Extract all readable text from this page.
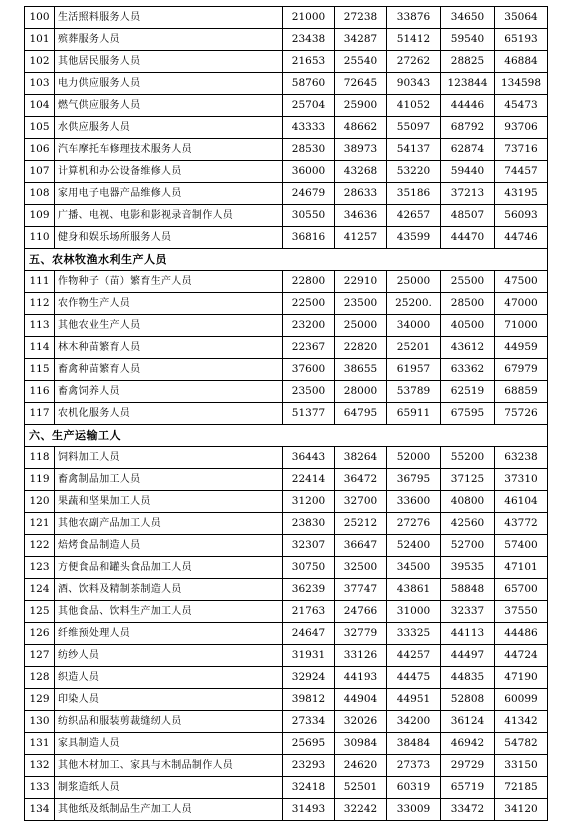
100	生活照料服务人员	21000	27238	33876	34650	35064
101	殡葬服务人员	23438	34287	51412	59540	65193
102	其他居民服务人员	21653	25540	27262	28825	46884
103	电力供应服务人员	58760	72645	90343	123844	134598
104	燃气供应服务人员	25704	25900	41052	44446	45473
105	水供应服务人员	43333	48662	55097	68792	93706
106	汽车摩托车修理技术服务人员	28530	38973	54137	62874	73716
107	计算机和办公设备维修人员	36000	43268	53220	59440	74457
108	家用电子电器产品维修人员	24679	28633	35186	37213	43195
109	广播、电视、电影和影视录音制作人员	30550	34636	42657	48507	56093
110	健身和娱乐场所服务人员	36816	41257	43599	44470	44746
五、农林牧渔水利生产人员						
111	作物种子（苗）繁育生产人员	22800	22910	25000	25500	47500
112	农作物生产人员	22500	23500	25200.	28500	47000
113	其他农业生产人员	23200	25000	34000	40500	71000
114	林木种苗繁育人员	22367	22820	25201	43612	44959
115	畜禽种苗繁育人员	37600	38655	61957	63362	67979
116	畜禽饲养人员	23500	28000	53789	62519	68859
117	农机化服务人员	51377	64795	65911	67595	75726
六、生产运输工人						
118	饲料加工人员	36443	38264	52000	55200	63238
119	畜禽制品加工人员	22414	36472	36795	37125	37310
120	果蔬和坚果加工人员	31200	32700	33600	40800	46104
121	其他农副产品加工人员	23830	25212	27276	42560	43772
122	焙烤食品制造人员	32307	36647	52400	52700	57400
123	方便食品和罐头食品加工人员	30750	32500	34500	39535	47101
124	酒、饮料及精制茶制造人员	36239	37747	43861	58848	65700
125	其他食品、饮料生产加工人员	21763	24766	31000	32337	37550
126	纤维预处理人员	24647	32779	33325	44113	44486
127	纺纱人员	31931	33126	44257	44497	44724
128	织造人员	32924	44193	44475	44835	47190
129	印染人员	39812	44904	44951	52808	60099
130	纺织品和服装剪裁缝纫人员	27334	32026	34200	36124	41342
131	家具制造人员	25695	30984	38484	46942	54782
132	其他木材加工、家具与木制品制作人员	23293	24620	27373	29729	33150
133	制浆造纸人员	32418	52501	60319	65719	72185
134	其他纸及纸制品生产加工人员	31493	32242	33009	33472	34120
